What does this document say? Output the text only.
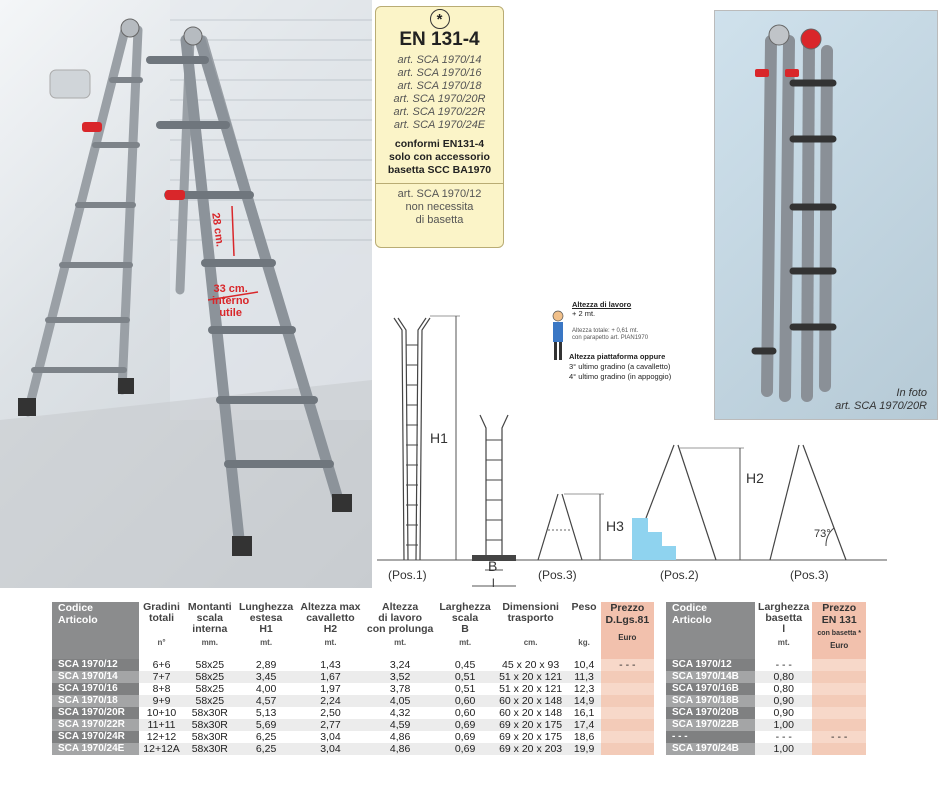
28 cm.
33 cm.
interno
utile
*
EN 131-4
art. SCA 1970/14
art. SCA 1970/16
art. SCA 1970/18
art. SCA 1970/20R
art. SCA 1970/22R
art. SCA 1970/24E
conformi EN131-4
solo con accessorio
basetta SCC BA1970
art. SCA 1970/12
non necessita
di basetta
In foto
art. SCA 1970/20R
Altezza di lavoro
+ 2 mt.
Altezza totale: + 0,61 mt.
con parapetto art. PIAN1970
Altezza piattaforma oppure
3° ultimo gradino (a cavalletto)
4° ultimo gradino (in appoggio)
H1
H3
H2
B
l
73°
(Pos.1)	(Pos.3)	(Pos.2)	(Pos.3)
Codice
Articolo	Gradini
totali

n°	Montanti
scala
interna

mm.	Lunghezza
estesa
H1

mt.	Altezza max
cavalletto
H2

mt.	Altezza
di lavoro
con prolunga

mt.	Larghezza
scala
B

mt.	Dimensioni
trasporto

cm.	Peso

kg.	Prezzo
D.Lgs.81

Euro

SCA 1970/12	6+6	58x25	2,89	1,43	3,24	0,45	45 x 20 x 93	10,4	- - -
SCA 1970/14	7+7	58x25	3,45	1,67	3,52	0,51	51 x 20 x 121	11,3	
SCA 1970/16	8+8	58x25	4,00	1,97	3,78	0,51	51 x 20 x 121	12,3	
SCA 1970/18	9+9	58x25	4,57	2,24	4,05	0,60	60 x 20 x 148	14,9	
SCA 1970/20R	10+10	58x30R	5,13	2,50	4,32	0,60	60 x 20 x 148	16,1	
SCA 1970/22R	11+11	58x30R	5,69	2,77	4,59	0,69	69 x 20 x 175	17,4	
SCA 1970/24R	12+12	58x30R	6,25	3,04	4,86	0,69	69 x 20 x 175	18,6	
SCA 1970/24E	12+12A	58x30R	6,25	3,04	4,86	0,69	69 x 20 x 203	19,9	
Codice
Articolo	Larghezza
basetta
l

mt.	Prezzo
EN 131
con basetta *

Euro

SCA 1970/12	- - -	
SCA 1970/14B	0,80	
SCA 1970/16B	0,80	
SCA 1970/18B	0,90	
SCA 1970/20B	0,90	
SCA 1970/22B	1,00	
- - -	- - -	- - -
SCA 1970/24B	1,00	
